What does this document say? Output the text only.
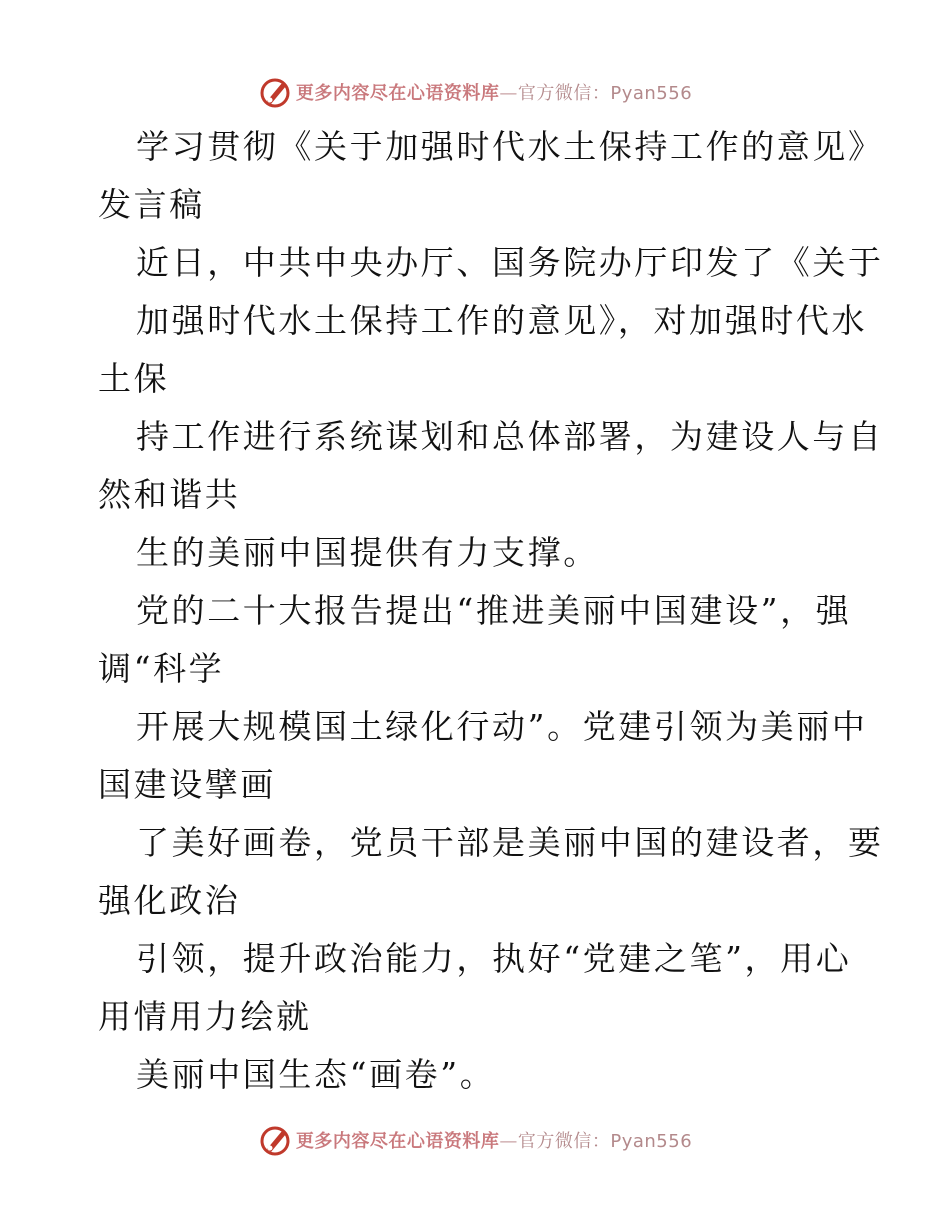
更多内容尽在心语资料库—官方微信：Pyan556
学习贯彻《关于加强时代水土保持工作的意见》
发言稿
近日，中共中央办厅、国务院办厅印发了《关于
加强时代水土保持工作的意见》，对加强时代水
土保
持工作进行系统谋划和总体部署，为建设人与自
然和谐共
生的美丽中国提供有力支撑。
党的二十大报告提出“推进美丽中国建设”，强
调“科学
开展大规模国土绿化行动”。党建引领为美丽中
国建设擘画
了美好画卷，党员干部是美丽中国的建设者，要
强化政治
引领，提升政治能力，执好“党建之笔”，用心
用情用力绘就
美丽中国生态“画卷”。
更多内容尽在心语资料库—官方微信：Pyan556
